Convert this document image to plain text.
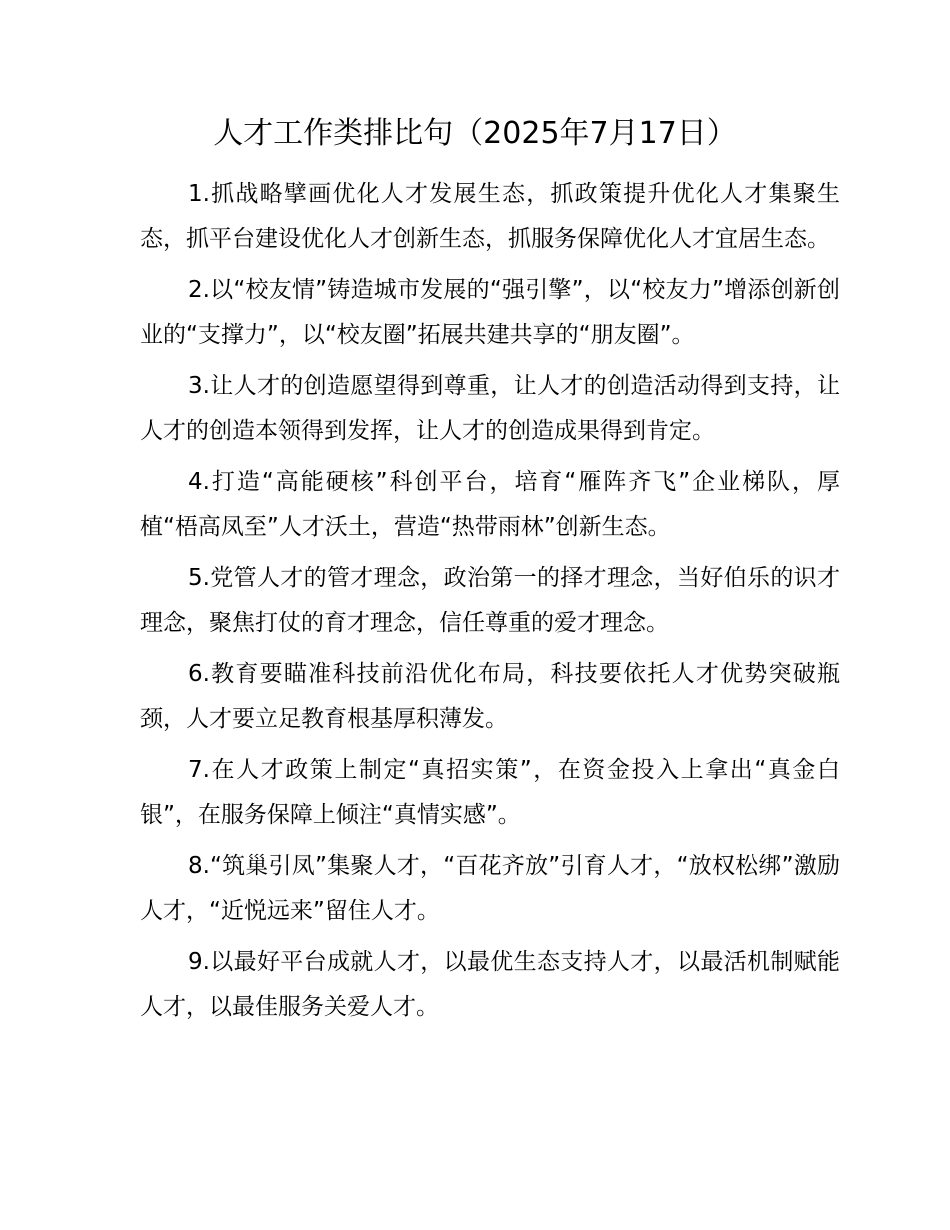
人才工作类排比句（2025年7月17日）

1.抓战略擘画优化人才发展生态，抓政策提升优化人才集聚生态，抓平台建设优化人才创新生态，抓服务保障优化人才宜居生态。

2.以“校友情”铸造城市发展的“强引擎”，以“校友力”增添创新创业的“支撑力”，以“校友圈”拓展共建共享的“朋友圈”。

3.让人才的创造愿望得到尊重，让人才的创造活动得到支持，让人才的创造本领得到发挥，让人才的创造成果得到肯定。

4.打造“高能硬核”科创平台，培育“雁阵齐飞”企业梯队，厚植“梧高凤至”人才沃土，营造“热带雨林”创新生态。

5.党管人才的管才理念，政治第一的择才理念，当好伯乐的识才理念，聚焦打仗的育才理念，信任尊重的爱才理念。

6.教育要瞄准科技前沿优化布局，科技要依托人才优势突破瓶颈，人才要立足教育根基厚积薄发。

7.在人才政策上制定“真招实策”，在资金投入上拿出“真金白银”，在服务保障上倾注“真情实感”。

8.“筑巢引凤”集聚人才，“百花齐放”引育人才，“放权松绑”激励人才，“近悦远来”留住人才。

9.以最好平台成就人才，以最优生态支持人才，以最活机制赋能人才，以最佳服务关爱人才。
